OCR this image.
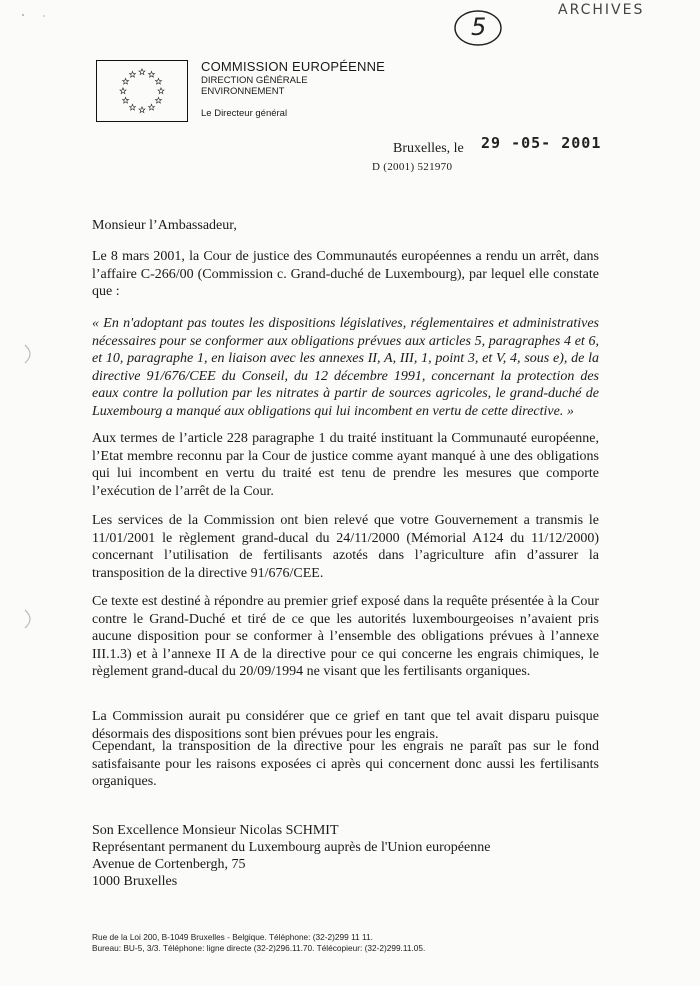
ARCHIVES
5
COMMISSION EUROPÉENNE
DIRECTION GÉNÉRALE
ENVIRONNEMENT
Le Directeur général
Bruxelles, le 29 -05- 2001
D (2001) 521970
Monsieur l’Ambassadeur,

Le 8 mars 2001, la Cour de justice des Communautés européennes a rendu un arrêt, dans l’affaire C-266/00 (Commission c. Grand-duché de Luxembourg), par lequel elle constate que :

« En n'adoptant pas toutes les dispositions législatives, réglementaires et administratives nécessaires pour se conformer aux obligations prévues aux articles 5, paragraphes 4 et 6, et 10, paragraphe 1, en liaison avec les annexes II, A, III, 1, point 3, et V, 4, sous e), de la directive 91/676/CEE du Conseil, du 12 décembre 1991, concernant la protection des eaux contre la pollution par les nitrates à partir de sources agricoles, le grand-duché de Luxembourg a manqué aux obligations qui lui incombent en vertu de cette directive. »

Aux termes de l’article 228 paragraphe 1 du traité instituant la Communauté européenne, l’Etat membre reconnu par la Cour de justice comme ayant manqué à une des obligations qui lui incombent en vertu du traité est tenu de prendre les mesures que comporte l’exécution de l’arrêt de la Cour.

Les services de la Commission ont bien relevé que votre Gouvernement a transmis le 11/01/2001 le règlement grand-ducal du 24/11/2000 (Mémorial A124 du 11/12/2000) concernant l’utilisation de fertilisants azotés dans l’agriculture afin d’assurer la transposition de la directive 91/676/CEE.

Ce texte est destiné à répondre au premier grief exposé dans la requête présentée à la Cour contre le Grand-Duché et tiré de ce que les autorités luxembourgeoises n’avaient pris aucune disposition pour se conformer à l’ensemble des obligations prévues à l’annexe III.1.3) et à l’annexe II A de la directive pour ce qui concerne les engrais chimiques, le règlement grand-ducal du 20/09/1994 ne visant que les fertilisants organiques.

La Commission aurait pu considérer que ce grief en tant que tel avait disparu puisque désormais des dispositions sont bien prévues pour les engrais.

Cependant, la transposition de la directive pour les engrais ne paraît pas sur le fond satisfaisante pour les raisons exposées ci après qui concernent donc aussi les fertilisants organiques.

Son Excellence Monsieur Nicolas SCHMIT
Représentant permanent du Luxembourg auprès de l'Union européenne
Avenue de Cortenbergh, 75
1000 Bruxelles
Rue de la Loi 200, B-1049 Bruxelles - Belgique. Téléphone: (32-2)299 11 11.
Bureau: BU-5, 3/3. Téléphone: ligne directe (32-2)296.11.70. Télécopieur: (32-2)299.11.05.
